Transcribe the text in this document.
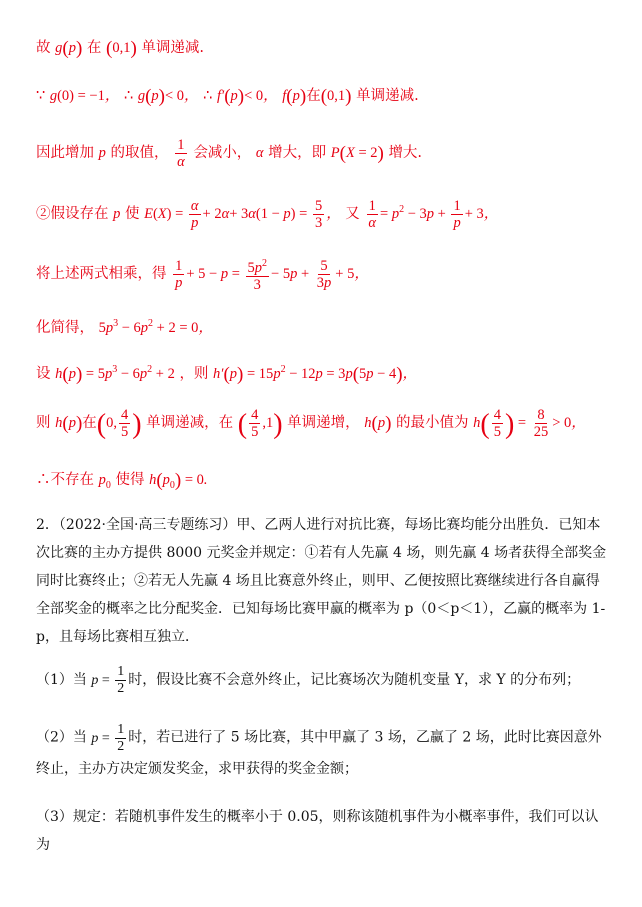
故 g(p) 在 (0,1) 单调递减.
∵ g(0) = −1， ∴ g(p)< 0， ∴ f′(p)< 0， f(p)在(0,1) 单调递减.
因此增加 p 的取值， $\frac{1}{\alpha}$ 会减小， α 增大，即 P(X = 2) 增大.
②假设存在 p 使 $E(X) = \frac{\alpha}{p} + 2\alpha+ 3\alpha(1 - p) = \frac{5}{3}$ ， 又 $\frac{1}{\alpha} = p^2 - 3p + \frac{1}{p} + 3$，
将上述两式相乘，得 $\frac{1}{p} + 5 - p = \frac{5p^2}{3} - 5p + \frac{5}{3p} + 5$，
化简得， $5p^3 - 6p^2 + 2 = 0$，
设 $h(p) = 5p^3 - 6p^2 + 2$ ，则 $h'(p) = 15p^2 - 12p = 3p(5p - 4)$，
则 h(p)在(0, $\frac{4}{5}$ ) 单调递减，在 ( $\frac{4}{5} ,1$) 单调递增， h(p) 的最小值为 $h( \frac{4}{5}$ ) = $\frac{8}{25} > 0$，
∴不存在 $p_0$ 使得 $h(p_0) = 0$.
2．（2022·全国·高三专题练习）甲、乙两人进行对抗比赛，每场比赛均能分出胜负．已知本次比赛的主办方提供 8000 元奖金并规定：①若有人先赢 4 场，则先赢 4 场者获得全部奖金同时比赛终止；②若无人先赢 4 场且比赛意外终止，则甲、乙便按照比赛继续进行各自赢得全部奖金的概率之比分配奖金．已知每场比赛甲赢的概率为 p（0＜p＜1），乙赢的概率为 1-p，且每场比赛相互独立．
（1）当 $p = \frac{1}{2}$ 时，假设比赛不会意外终止，记比赛场次为随机变量 Y，求 Y 的分布列；
（2）当 $p = \frac{1}{2}$ 时，若已进行了 5 场比赛，其中甲赢了 3 场，乙赢了 2 场，此时比赛因意外终止，主办方决定颁发奖金，求甲获得的奖金金额；
（3）规定：若随机事件发生的概率小于 0.05，则称该随机事件为小概率事件，我们可以认为
